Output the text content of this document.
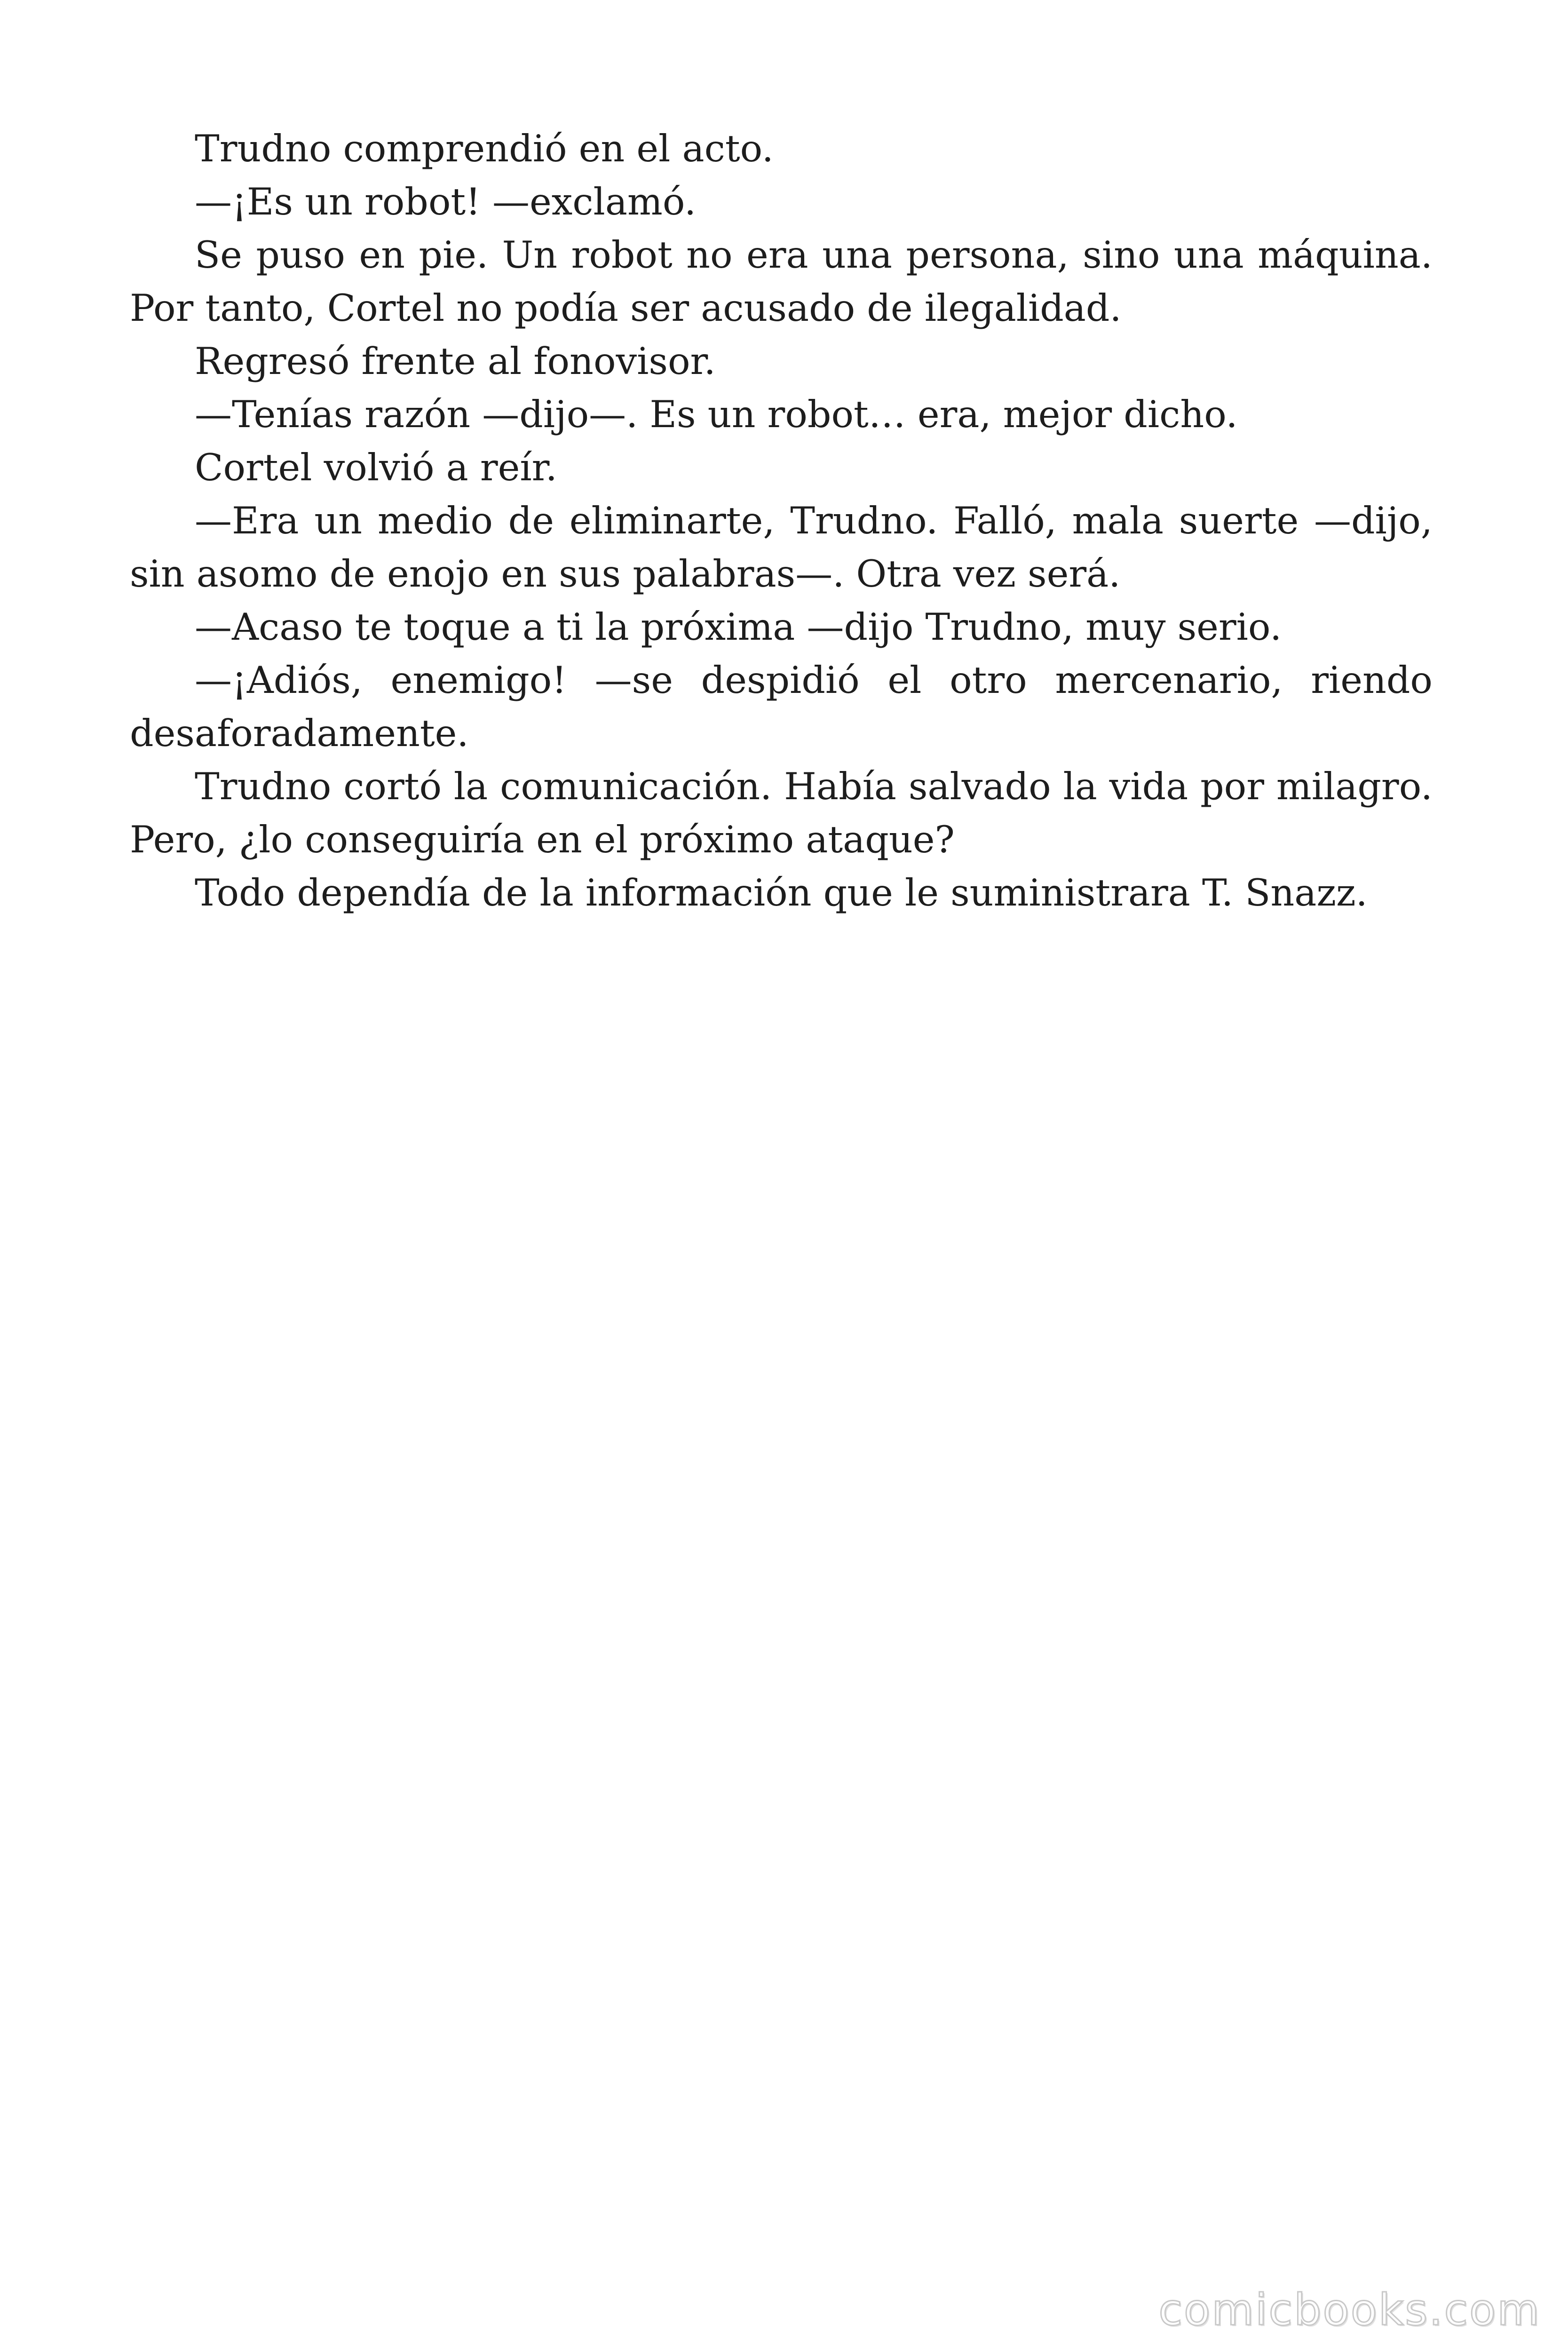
Trudno comprendió en el acto.

—¡Es un robot! —exclamó.

Se puso en pie. Un robot no era una persona, sino una máquina. Por tanto, Cortel no podía ser acusado de ilegalidad.

Regresó frente al fonovisor.

—Tenías razón —dijo—. Es un robot… era, mejor dicho.

Cortel volvió a reír.

—Era un medio de eliminarte, Trudno. Falló, mala suerte —dijo, sin asomo de enojo en sus palabras—. Otra vez será.

—Acaso te toque a ti la próxima —dijo Trudno, muy serio.

—¡Adiós, enemigo! —se despidió el otro mercenario, riendo desaforadamente.

Trudno cortó la comunicación. Había salvado la vida por milagro. Pero, ¿lo conseguiría en el próximo ataque?

Todo dependía de la información que le suministrara T. Snazz.

comicbooks.com
